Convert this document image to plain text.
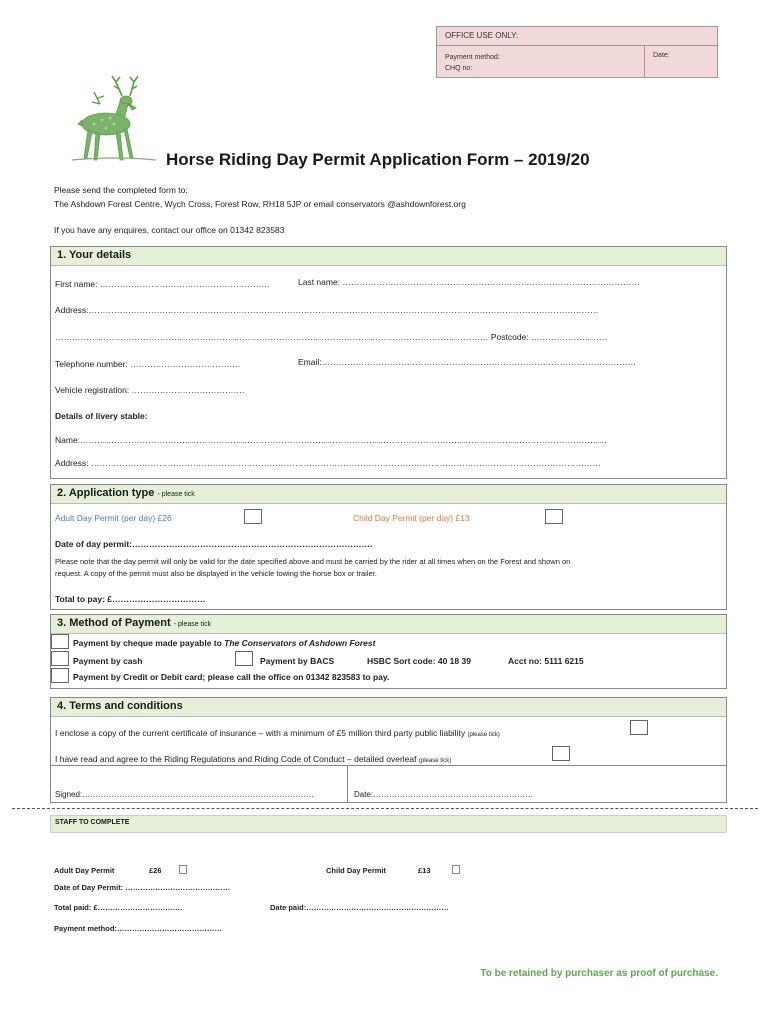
OFFICE USE ONLY:
Payment method:
CHQ no:
Date:
Horse Riding Day Permit Application Form – 2019/20
Please send the completed form to:
The Ashdown Forest Centre, Wych Cross, Forest Row, RH18 5JP or email conservators @ashdownforest.org
If you have any enquires, contact our office on 01342 823583
1. Your details
First name: ……………………………………………………	Last name: ……………………………………………………………………………………………
Address:………………………………………………………………………………………………………………………………………………………………
……………………………………………………………………………………………………………………………………… Postcode: ………………………
Telephone number: …………………………………	Email:…………………………………………………………………………………………………
Vehicle registration: ………………………………….
Details of livery stable:
Name:……………………………………………………………………………………………………………………………………………………………………
Address: ………………………………………………………………………………………………………………………………………………………………
2. Application type - please tick
Adult Day Permit (per day) £26	Child Day Permit (per day) £13
Date of day permit:………………………………………………………………………….
Please note that the day permit will only be valid for the date specified above and must be carried by the rider at all times when on the Forest and shown on
request. A copy of the permit must also be displayed in the vehicle towing the horse box or trailer.
Total to pay: £……………………………
3. Method of Payment - please tick
Payment by cheque made payable to The Conservators of Ashdown Forest
Payment by cash	Payment by BACS	HSBC Sort code: 40 18 39	Acct no: 5111 6215
Payment by Credit or Debit card; please call the office on 01342 823583 to pay.
4. Terms and conditions
I enclose a copy of the current certificate of insurance – with a minimum of £5 million third party public liability (please tick)
I have read and agree to the Riding Regulations and Riding Code of Conduct – detailed overleaf (please tick)
Signed:……………………………………………………………………………	Date:……………………………………………………
STAFF TO COMPLETE
Adult Day Permit	£26	Child Day Permit	£13
Date of Day Permit: ……………………………………
Total paid: £…………………………….	Date paid:…………………………………………………
Payment method:……………………………………
To be retained by purchaser as proof of purchase.
